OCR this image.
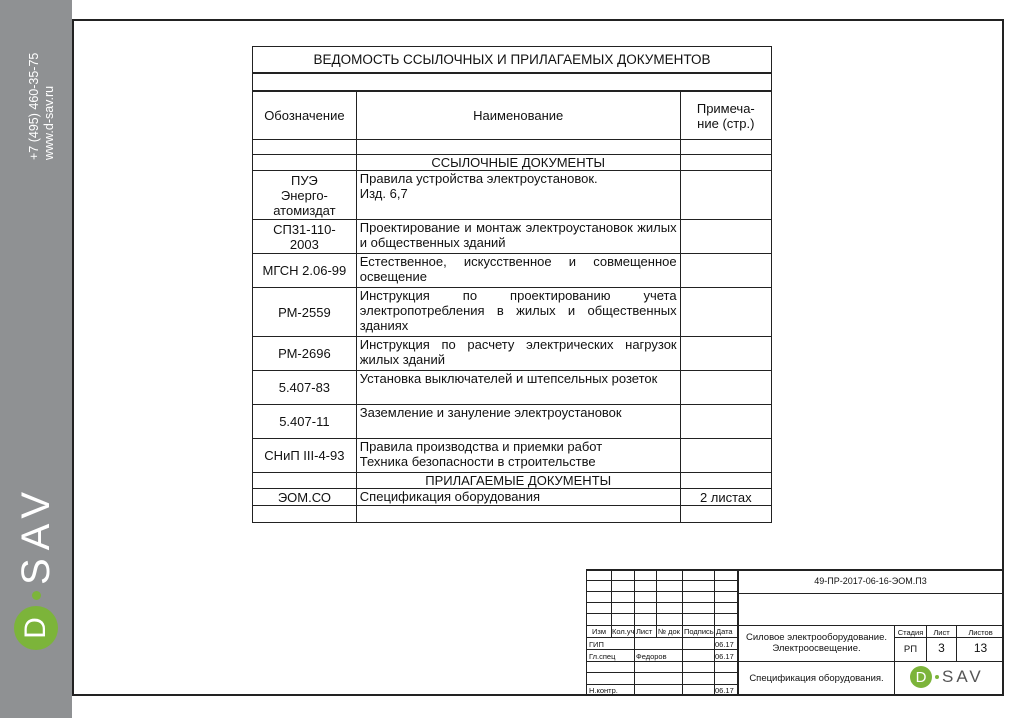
+7 (495) 460-35-75 www.d-sav.ru
D
SAV
ВЕДОМОСТЬ ССЫЛОЧНЫХ И ПРИЛАГАЕМЫХ ДОКУМЕНТОВ		

Обозначение	Наименование	Примеча-
ние (стр.)

	ССЫЛОЧНЫЕ ДОКУМЕНТЫ	
ПУЭ
Энерго-
атомиздат	Правила устройства электроустановок.
Изд. 6,7	
СП31-110-
2003	Проектирование и монтаж электроустановок жилых и общественных зданий	
МГСН 2.06-99	Естественное, искусственное и совмещенное освещение	
РМ-2559	Инструкция по проектированию учета электропотребления в жилых и общественных зданиях	
РМ-2696	Инструкция по расчету электрических нагрузок жилых зданий	
5.407-83	Установка выключателей и штепсельных розеток	
5.407-11	Заземление и зануление электроустановок	
СНиП III-4-93	Правила производства и приемки работ
Техника безопасности в строительстве	
	ПРИЛАГАЕМЫЕ ДОКУМЕНТЫ	
ЭОМ.СО	Спецификация оборудования	2 листах

49-ПР-2017-06-16-ЭОМ.П3
Изм Кол.уч Лист № док Подпись Дата
ГИП	06.17
Гл.спец	Федоров	06.17
Н.контр.	06.17
Силовое электрооборудование.
Электроосвещение.
Стадия	Лист	Листов
РП	3	13
Спецификация оборудования.	D SAV
